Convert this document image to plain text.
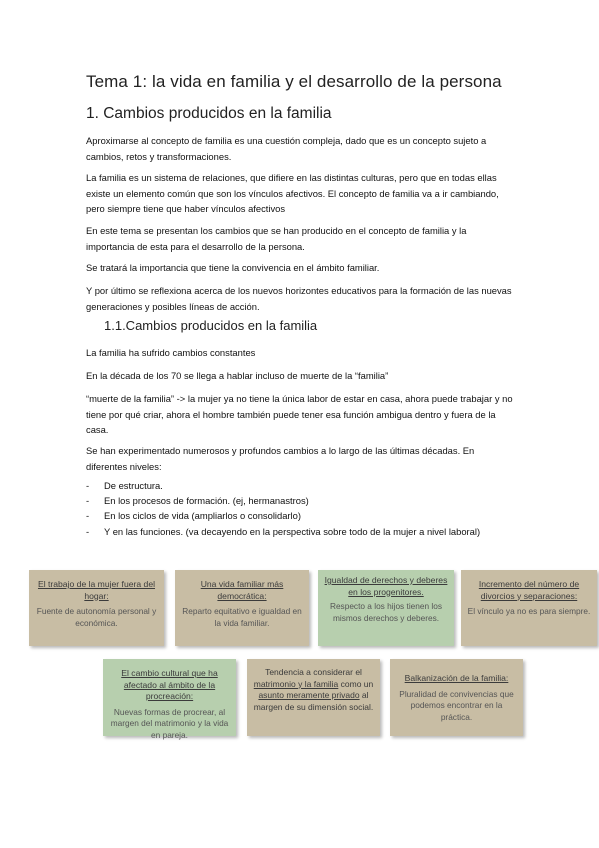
Tema 1: la vida en familia y el desarrollo de la persona
1. Cambios producidos en la familia
Aproximarse al concepto de familia es una cuestión compleja, dado que es un concepto sujeto a cambios, retos y transformaciones.
La familia es un sistema de relaciones, que difiere en las distintas culturas, pero que en todas ellas existe un elemento común que son los vínculos afectivos. El concepto de familia va a ir cambiando, pero siempre tiene que haber vínculos afectivos
En este tema se presentan los cambios que se han producido en el concepto de familia y la importancia de esta para el desarrollo de la persona.
Se tratará la importancia que tiene la convivencia en el ámbito familiar.
Y por último se reflexiona acerca de los nuevos horizontes educativos para la formación de las nuevas generaciones y posibles líneas de acción.
1.1.Cambios producidos en la familia
La familia ha sufrido cambios constantes
En la década de los 70 se llega a hablar incluso de muerte de la “familia”
“muerte de la familia” -> la mujer ya no tiene la única labor de estar en casa, ahora puede trabajar y no tiene por qué criar, ahora el hombre también puede tener esa función ambigua dentro y fuera de la casa.
Se han experimentado numerosos y profundos cambios a lo largo de las últimas décadas. En diferentes niveles:
- De estructura.
- En los procesos de formación. (ej, hermanastros)
- En los ciclos de vida (ampliarlos o consolidarlo)
- Y en las funciones. (va decayendo en la perspectiva sobre todo de la mujer a nivel laboral)
El trabajo de la mujer fuera del hogar:
Fuente de autonomía personal y económica.
Una vida familiar más democrática:
Reparto equitativo e igualdad en la vida familiar.
Igualdad de derechos y deberes en los progenitores.
Respecto a los hijos tienen los mismos derechos y deberes.
Incremento del número de divorcios y separaciones:
El vínculo ya no es para siempre.
El cambio cultural que ha afectado al ámbito de la procreación:
Nuevas formas de procrear, al margen del matrimonio y la vida en pareja.
Tendencia a considerar el matrimonio y la familia como un asunto meramente privado al margen de su dimensión social.
Balkanización de la familia:
Pluralidad de convivencias que podemos encontrar en la práctica.
